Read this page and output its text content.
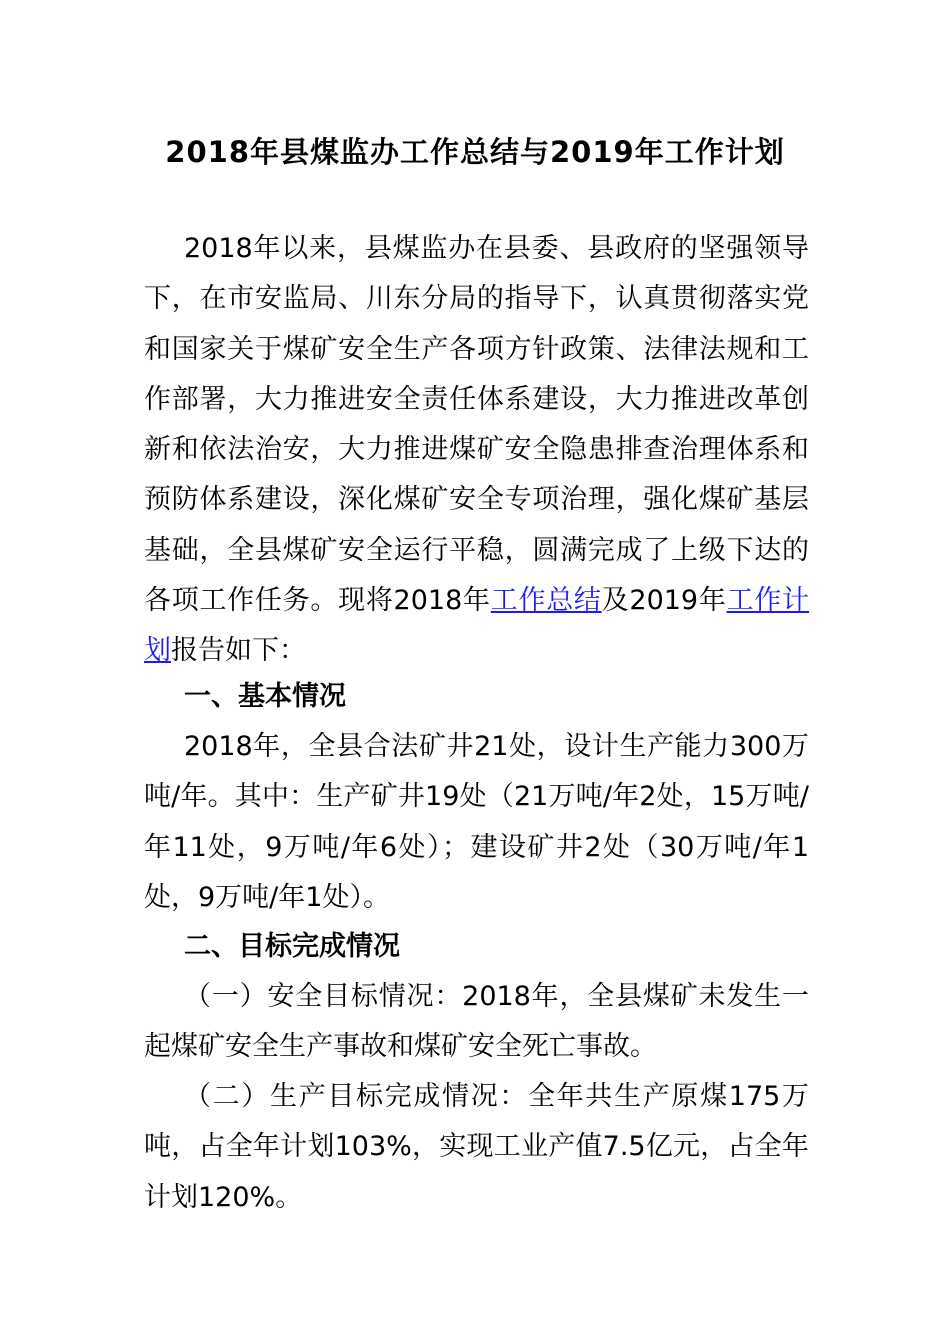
2018年县煤监办工作总结与2019年工作计划

2018年以来，县煤监办在县委、县政府的坚强领导下，在市安监局、川东分局的指导下，认真贯彻落实党和国家关于煤矿安全生产各项方针政策、法律法规和工作部署，大力推进安全责任体系建设，大力推进改革创新和依法治安，大力推进煤矿安全隐患排查治理体系和预防体系建设，深化煤矿安全专项治理，强化煤矿基层基础，全县煤矿安全运行平稳，圆满完成了上级下达的各项工作任务。现将2018年工作总结及2019年工作计划报告如下：

一、基本情况

2018年，全县合法矿井21处，设计生产能力300万吨/年。其中：生产矿井19处（21万吨/年2处，15万吨/年11处，9万吨/年6处）；建设矿井2处（30万吨/年1处，9万吨/年1处）。

二、目标完成情况

（一）安全目标情况：2018年，全县煤矿未发生一起煤矿安全生产事故和煤矿安全死亡事故。

（二）生产目标完成情况：全年共生产原煤175万吨，占全年计划103%，实现工业产值7.5亿元，占全年计划120%。
